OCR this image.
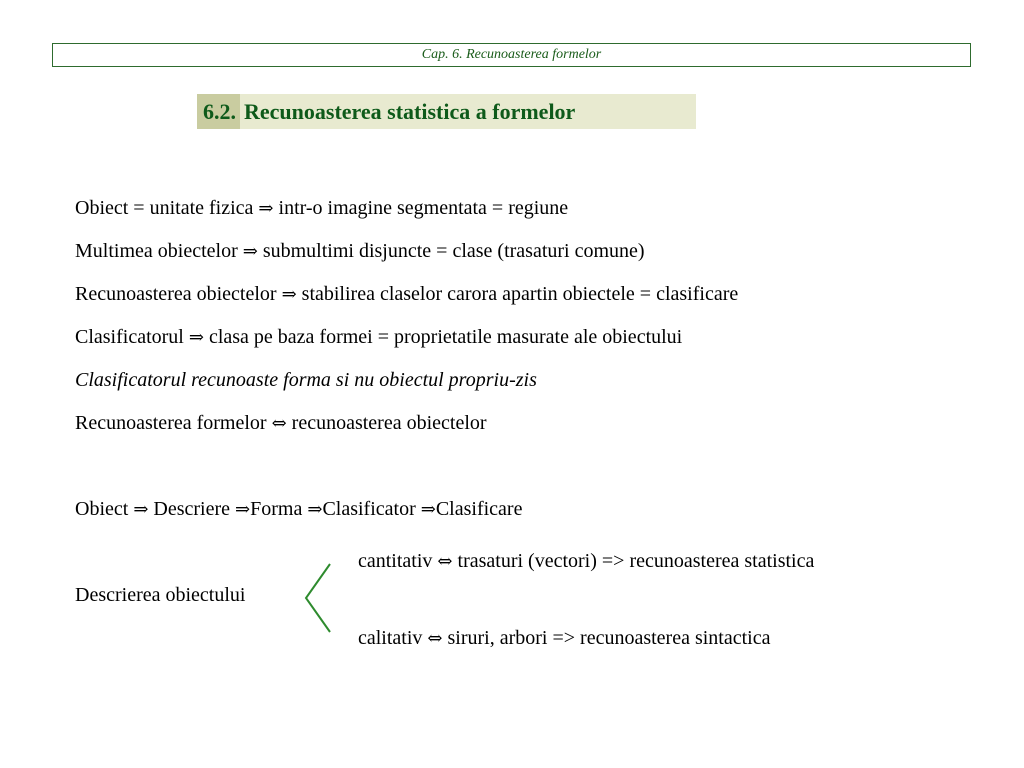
Cap. 6. Recunoasterea formelor
6.2. Recunoasterea statistica a formelor
Obiect = unitate fizica ⇒ intr-o imagine segmentata = regiune
Multimea obiectelor ⇒ submultimi disjuncte = clase (trasaturi comune)
Recunoasterea obiectelor ⇒ stabilirea claselor carora apartin obiectele = clasificare
Clasificatorul ⇒ clasa pe baza formei = proprietatile masurate ale obiectului
Clasificatorul recunoaste forma si nu obiectul propriu-zis
Recunoasterea formelor ⇔ recunoasterea obiectelor
Obiect ⇒ Descriere ⇒Forma ⇒Clasificator ⇒Clasificare
cantitativ ⇔ trasaturi (vectori) => recunoasterea statistica
Descrierea obiectului
calitativ ⇔ siruri, arbori => recunoasterea sintactica
